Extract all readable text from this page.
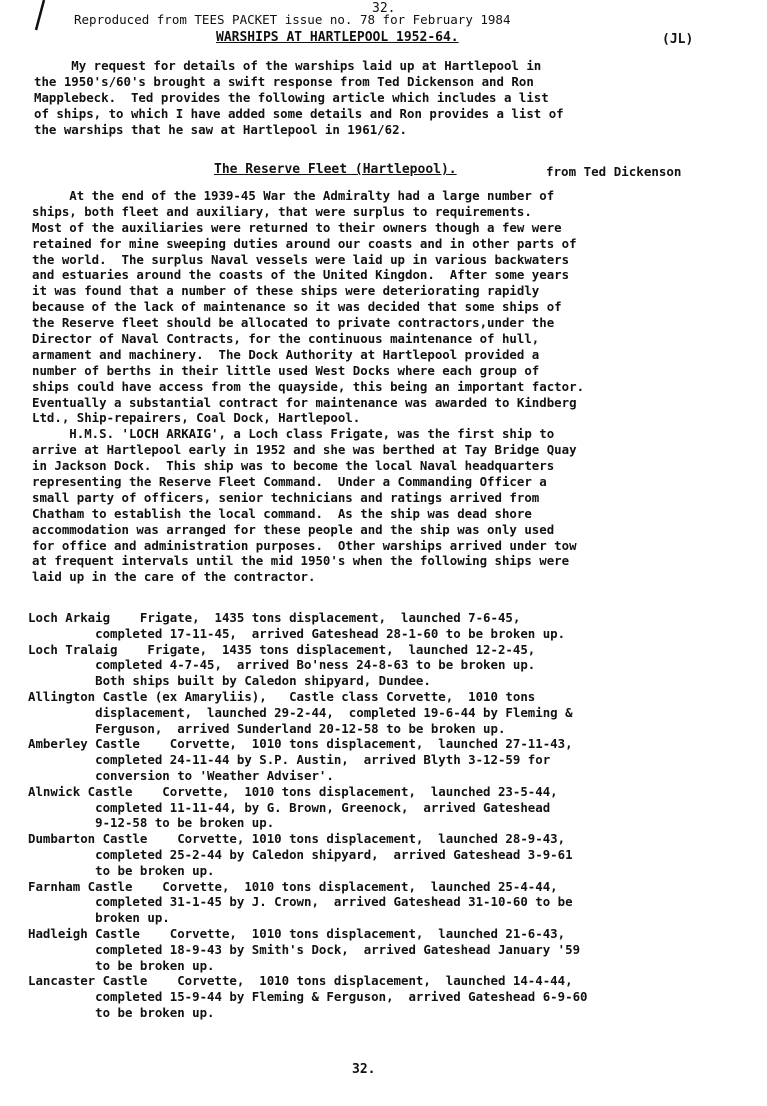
32.
Reproduced from TEES PACKET issue no. 78 for February 1984
WARSHIPS AT HARTLEPOOL 1952-64.	(JL)
My request for details of the warships laid up at Hartlepool in
the 1950's/60's brought a swift response from Ted Dickenson and Ron
Mapplebeck.  Ted provides the following article which includes a list
of ships, to which I have added some details and Ron provides a list of
the warships that he saw at Hartlepool in 1961/62.
The Reserve Fleet (Hartlepool).	from Ted Dickenson
At the end of the 1939-45 War the Admiralty had a large number of
ships, both fleet and auxiliary, that were surplus to requirements.
Most of the auxiliaries were returned to their owners though a few were
retained for mine sweeping duties around our coasts and in other parts of
the world.  The surplus Naval vessels were laid up in various backwaters
and estuaries around the coasts of the United Kingdon.  After some years
it was found that a number of these ships were deteriorating rapidly
because of the lack of maintenance so it was decided that some ships of
the Reserve fleet should be allocated to private contractors,under the
Director of Naval Contracts, for the continuous maintenance of hull,
armament and machinery.  The Dock Authority at Hartlepool provided a
number of berths in their little used West Docks where each group of
ships could have access from the quayside, this being an important factor.
Eventually a substantial contract for maintenance was awarded to Kindberg
Ltd., Ship-repairers, Coal Dock, Hartlepool.
H.M.S. 'LOCH ARKAIG', a Loch class Frigate, was the first ship to
arrive at Hartlepool early in 1952 and she was berthed at Tay Bridge Quay
in Jackson Dock.  This ship was to become the local Naval headquarters
representing the Reserve Fleet Command.  Under a Commanding Officer a
small party of officers, senior technicians and ratings arrived from
Chatham to establish the local command.  As the ship was dead shore
accommodation was arranged for these people and the ship was only used
for office and administration purposes.  Other warships arrived under tow
at frequent intervals until the mid 1950's when the following ships were
laid up in the care of the contractor.
Loch Arkaig    Frigate,  1435 tons displacement,  launched 7-6-45,
completed 17-11-45,  arrived Gateshead 28-1-60 to be broken up.
Loch Tralaig    Frigate,  1435 tons displacement,  launched 12-2-45,
completed 4-7-45,  arrived Bo'ness 24-8-63 to be broken up.
Both ships built by Caledon shipyard, Dundee.
Allington Castle (ex Amaryliis),   Castle class Corvette,  1010 tons
displacement,  launched 29-2-44,  completed 19-6-44 by Fleming &
Ferguson,  arrived Sunderland 20-12-58 to be broken up.
Amberley Castle    Corvette,  1010 tons displacement,  launched 27-11-43,
completed 24-11-44 by S.P. Austin,  arrived Blyth 3-12-59 for
conversion to 'Weather Adviser'.
Alnwick Castle    Corvette,  1010 tons displacement,  launched 23-5-44,
completed 11-11-44, by G. Brown, Greenock,  arrived Gateshead
9-12-58 to be broken up.
Dumbarton Castle    Corvette, 1010 tons displacement,  launched 28-9-43,
completed 25-2-44 by Caledon shipyard,  arrived Gateshead 3-9-61
to be broken up.
Farnham Castle    Corvette,  1010 tons displacement,  launched 25-4-44,
completed 31-1-45 by J. Crown,  arrived Gateshead 31-10-60 to be
broken up.
Hadleigh Castle    Corvette,  1010 tons displacement,  launched 21-6-43,
completed 18-9-43 by Smith's Dock,  arrived Gateshead January '59
to be broken up.
Lancaster Castle    Corvette,  1010 tons displacement,  launched 14-4-44,
completed 15-9-44 by Fleming & Ferguson,  arrived Gateshead 6-9-60
to be broken up.
32.
